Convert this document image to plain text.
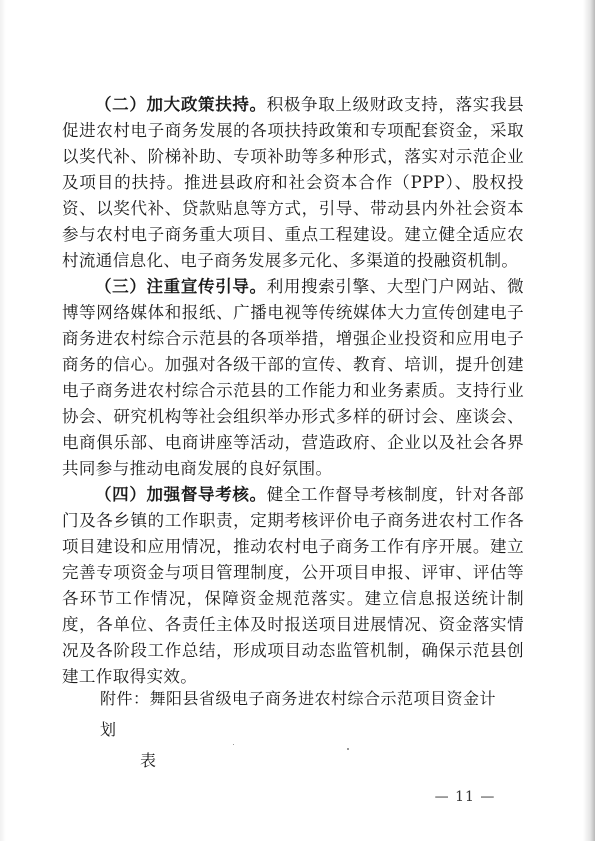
（二）加大政策扶持。积极争取上级财政支持，落实我县促进农村电子商务发展的各项扶持政策和专项配套资金，采取以奖代补、阶梯补助、专项补助等多种形式，落实对示范企业及项目的扶持。推进县政府和社会资本合作（PPP）、股权投资、以奖代补、贷款贴息等方式，引导、带动县内外社会资本参与农村电子商务重大项目、重点工程建设。建立健全适应农村流通信息化、电子商务发展多元化、多渠道的投融资机制。

（三）注重宣传引导。利用搜索引擎、大型门户网站、微博等网络媒体和报纸、广播电视等传统媒体大力宣传创建电子商务进农村综合示范县的各项举措，增强企业投资和应用电子商务的信心。加强对各级干部的宣传、教育、培训，提升创建电子商务进农村综合示范县的工作能力和业务素质。支持行业协会、研究机构等社会组织举办形式多样的研讨会、座谈会、电商俱乐部、电商讲座等活动，营造政府、企业以及社会各界共同参与推动电商发展的良好氛围。

（四）加强督导考核。健全工作督导考核制度，针对各部门及各乡镇的工作职责，定期考核评价电子商务进农村工作各项目建设和应用情况，推动农村电子商务工作有序开展。建立完善专项资金与项目管理制度，公开项目申报、评审、评估等各环节工作情况，保障资金规范落实。建立信息报送统计制度，各单位、各责任主体及时报送项目进展情况、资金落实情况及各阶段工作总结，形成项目动态监管机制，确保示范县创建工作取得实效。

附件：舞阳县省级电子商务进农村综合示范项目资金计划
表
— 11 —
